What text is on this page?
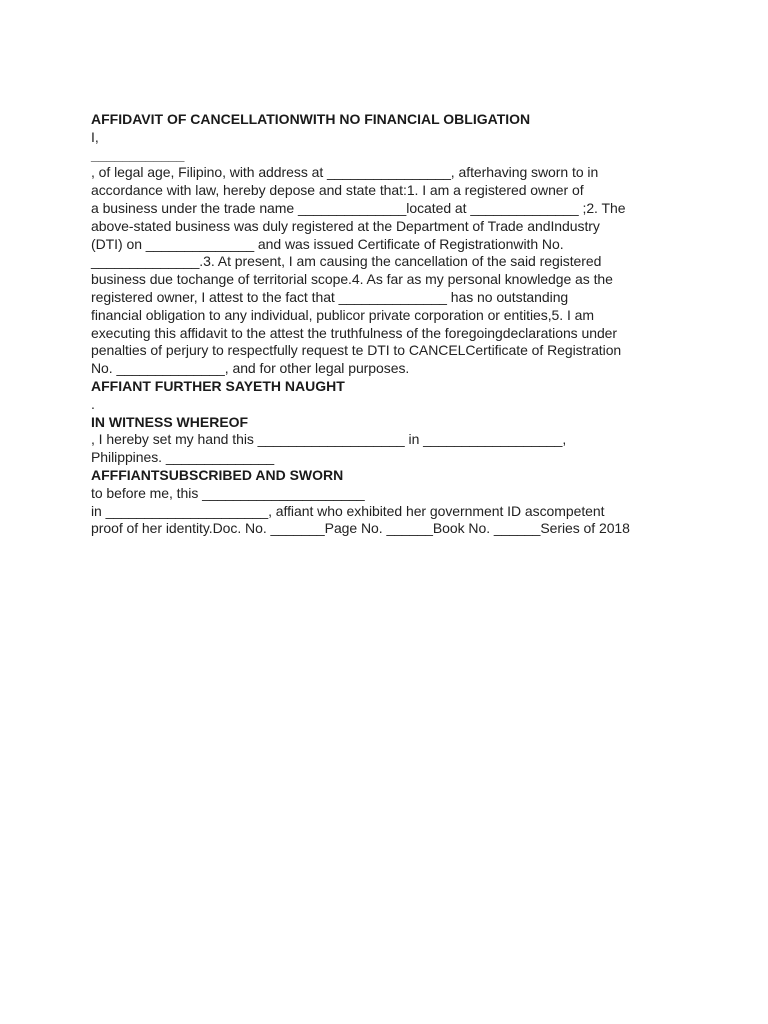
AFFIDAVIT OF CANCELLATIONWITH NO FINANCIAL OBLIGATION
I,
____________
, of legal age, Filipino, with address at ________________, afterhaving sworn to in
accordance with law, hereby depose and state that:1. I am a registered owner of
a business under the trade name ______________located at ______________ ;2. The
above-stated business was duly registered at the Department of Trade andIndustry
(DTI) on ______________ and was issued Certificate of Registrationwith No.
______________.3. At present, I am causing the cancellation of the said registered
business due tochange of territorial scope.4. As far as my personal knowledge as the
registered owner, I attest to the fact that ______________ has no outstanding
financial obligation to any individual, publicor private corporation or entities,5. I am
executing this affidavit to the attest the truthfulness of the foregoingdeclarations under
penalties of perjury to respectfully request te DTI to CANCELCertificate of Registration
No. ______________, and for other legal purposes.
AFFIANT FURTHER SAYETH NAUGHT
.
IN WITNESS WHEREOF
, I hereby set my hand this ___________________ in __________________,
Philippines. ______________
AFFFIANTSUBSCRIBED AND SWORN
to before me, this _____________________
in _____________________, affiant who exhibited her government ID ascompetent
proof of her identity.Doc. No. _______Page No. ______Book No. ______Series of 2018
